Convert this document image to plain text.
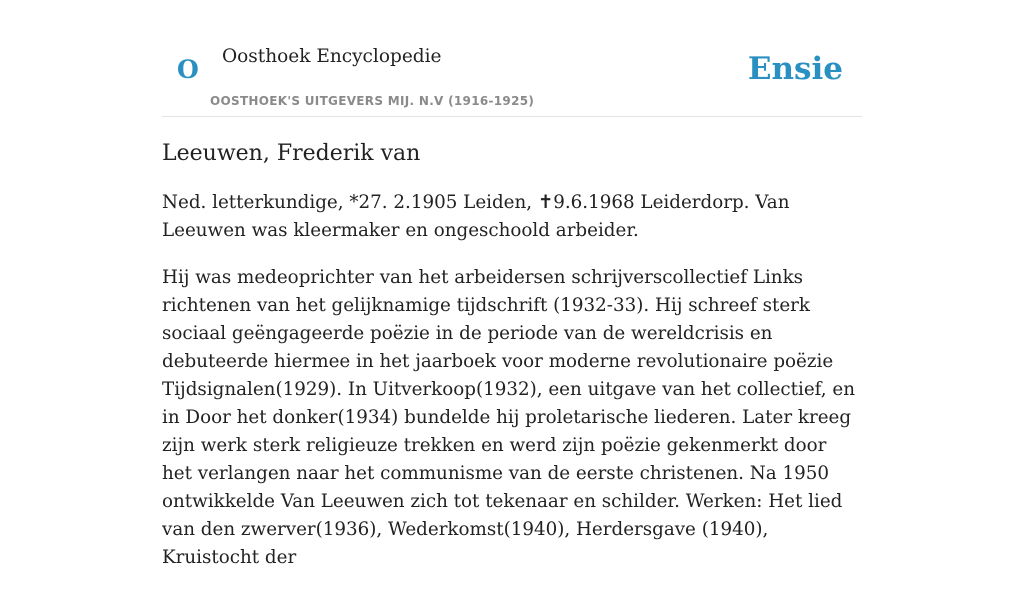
O Oosthoek Encyclopedie
OOSTHOEK'S UITGEVERS MIJ. N.V (1916-1925)
Ensie
Leeuwen, Frederik van

Ned. letterkundige, *27. 2.1905 Leiden, ✝9.6.1968 Leiderdorp. Van Leeuwen was kleermaker en ongeschoold arbeider.

Hij was medeoprichter van het arbeidersen schrijverscollectief Links richtenen van het gelijknamige tijdschrift (1932-33). Hij schreef sterk sociaal geëngageerde poëzie in de periode van de wereldcrisis en debuteerde hiermee in het jaarboek voor moderne revolutionaire poëzie Tijdsignalen(1929). In Uitverkoop(1932), een uitgave van het collectief, en in Door het donker(1934) bundelde hij proletarische liederen. Later kreeg zijn werk sterk religieuze trekken en werd zijn poëzie gekenmerkt door het verlangen naar het communisme van de eerste christenen. Na 1950 ontwikkelde Van Leeuwen zich tot tekenaar en schilder. Werken: Het lied van den zwerver(1936), Wederkomst(1940), Herdersgave (1940), Kruistocht der
